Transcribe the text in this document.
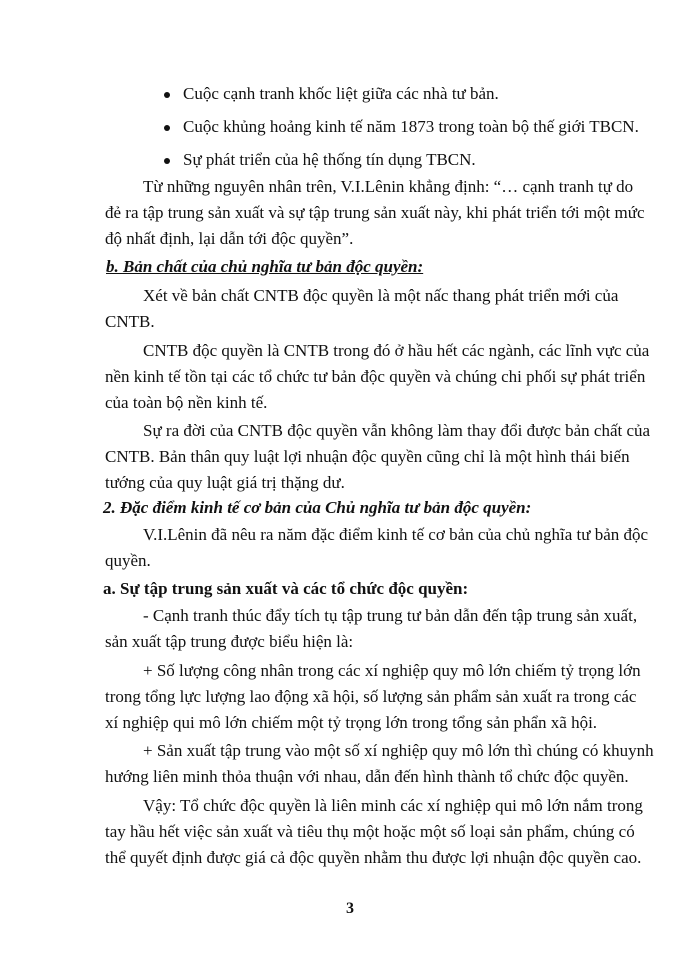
Cuộc cạnh tranh khốc liệt giữa các nhà tư bản.
Cuộc khủng hoảng kinh tế năm 1873 trong toàn bộ thế giới TBCN.
Sự phát triển của hệ thống tín dụng TBCN.
Từ những nguyên nhân trên, V.I.Lênin khẳng định: “… cạnh tranh tự do
đẻ ra tập trung sản xuất và sự tập trung sản xuất này, khi phát triển tới một mức
độ nhất định, lại dẫn tới độc quyền”.
b. Bản chất của chủ nghĩa tư bản độc quyền:
Xét về bản chất CNTB độc quyền là một nấc thang phát triển mới của
CNTB.
CNTB độc quyền là CNTB trong đó ở hầu hết các ngành, các lĩnh vực của
nền kinh tế tồn tại các tổ chức tư bản độc quyền và chúng chi phối sự phát triển
của toàn bộ nền kinh tế.
Sự ra đời của CNTB độc quyền vẫn không làm thay đổi được bản chất của
CNTB. Bản thân quy luật lợi nhuận độc quyền cũng chỉ là một hình thái biến
tướng của quy luật giá trị thặng dư.
2. Đặc điểm kinh tế cơ bản của Chủ nghĩa tư bản độc quyền:
V.I.Lênin đã nêu ra năm đặc điểm kinh tế cơ bản của chủ nghĩa tư bản độc
quyền.
a. Sự tập trung sản xuất và các tổ chức độc quyền:
- Cạnh tranh thúc đẩy tích tụ tập trung tư bản dẫn đến tập trung sản xuất,
sản xuất tập trung được biểu hiện là:
+ Số lượng công nhân trong các xí nghiệp quy mô lớn chiếm tỷ trọng lớn
trong tổng lực lượng lao động xã hội, số lượng sản phẩm sản xuất ra trong các
xí nghiệp qui mô lớn chiếm một tỷ trọng lớn trong tổng sản phẩn xã hội.
+ Sản xuất tập trung vào một số xí nghiệp quy mô lớn thì chúng có khuynh
hướng liên minh thỏa thuận với nhau, dẫn đến hình thành tổ chức độc quyền.
Vậy: Tổ chức độc quyền là liên minh các xí nghiệp qui mô lớn nắm trong
tay hầu hết việc sản xuất và tiêu thụ một hoặc một số loại sản phẩm, chúng có
thể quyết định được giá cả độc quyền nhằm thu được lợi nhuận độc quyền cao.
3
